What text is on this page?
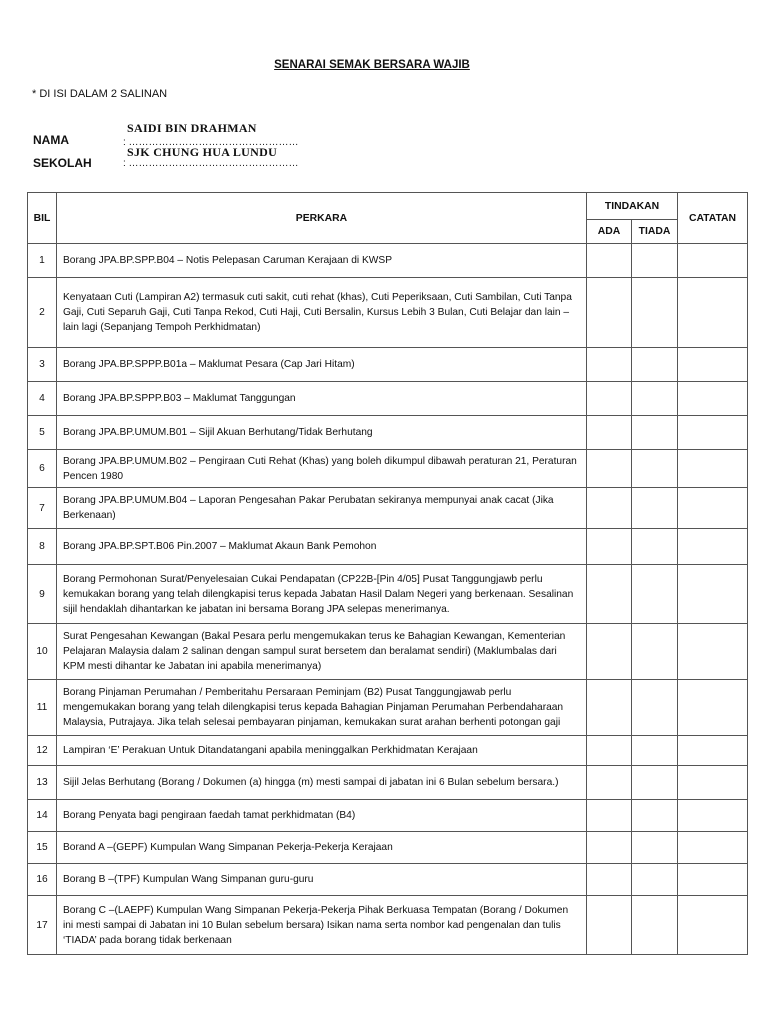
SENARAI SEMAK BERSARA WAJIB
* DI ISI DALAM 2 SALINAN
SAIDI BIN DRAHMAN
NAMA	: ……………………………………………
SJK CHUNG HUA LUNDU
SEKOLAH	: ……………………………………………
BIL	PERKARA	TINDAKAN		CATATAN
		ADA	TIADA	
1	Borang JPA.BP.SPP.B04 – Notis Pelepasan Caruman Kerajaan di KWSP			
2	Kenyataan Cuti (Lampiran A2) termasuk cuti sakit, cuti rehat (khas), Cuti Peperiksaan, Cuti Sambilan, Cuti Tanpa Gaji, Cuti Separuh Gaji, Cuti Tanpa Rekod, Cuti Haji, Cuti Bersalin, Kursus Lebih 3 Bulan, Cuti Belajar dan lain – lain lagi (Sepanjang Tempoh Perkhidmatan)			
3	Borang JPA.BP.SPPP.B01a – Maklumat Pesara (Cap Jari Hitam)			
4	Borang JPA.BP.SPPP.B03 – Maklumat Tanggungan			
5	Borang JPA.BP.UMUM.B01 – Sijil Akuan Berhutang/Tidak Berhutang			
6	Borang JPA.BP.UMUM.B02 – Pengiraan Cuti Rehat (Khas) yang boleh dikumpul dibawah peraturan 21, Peraturan Pencen 1980			
7	Borang JPA.BP.UMUM.B04 – Laporan Pengesahan Pakar Perubatan sekiranya mempunyai anak cacat (Jika Berkenaan)			
8	Borang JPA.BP.SPT.B06 Pin.2007 – Maklumat Akaun Bank Pemohon			
9	Borang Permohonan Surat/Penyelesaian Cukai Pendapatan (CP22B-[Pin 4/05] Pusat Tanggungjawb perlu kemukakan borang yang telah dilengkapisi terus kepada Jabatan Hasil Dalam Negeri yang berkenaan. Sesalinan sijil hendaklah dihantarkan ke jabatan ini bersama Borang JPA selepas menerimanya.			
10	Surat Pengesahan Kewangan (Bakal Pesara perlu mengemukakan terus ke Bahagian Kewangan, Kementerian Pelajaran Malaysia dalam 2 salinan dengan sampul surat bersetem dan beralamat sendiri) (Maklumbalas dari KPM mesti dihantar ke Jabatan ini apabila menerimanya)			
11	Borang Pinjaman Perumahan / Pemberitahu Persaraan Peminjam (B2) Pusat Tanggungjawab perlu mengemukakan borang yang telah dilengkapisi terus kepada Bahagian Pinjaman Perumahan Perbendaharaan Malaysia, Putrajaya. Jika telah selesai pembayaran pinjaman, kemukakan surat arahan berhenti potongan gaji			
12	Lampiran ‘E’ Perakuan Untuk Ditandatangani apabila meninggalkan Perkhidmatan Kerajaan			
13	Sijil Jelas Berhutang (Borang / Dokumen (a) hingga (m) mesti sampai di jabatan ini 6 Bulan sebelum bersara.)			
14	Borang Penyata bagi pengiraan faedah tamat perkhidmatan (B4)			
15	Borand A –(GEPF) Kumpulan Wang Simpanan Pekerja-Pekerja Kerajaan			
16	Borang B –(TPF) Kumpulan Wang Simpanan guru-guru			
17	Borang C –(LAEPF) Kumpulan Wang Simpanan Pekerja-Pekerja Pihak Berkuasa Tempatan (Borang / Dokumen ini mesti sampai di Jabatan ini 10 Bulan sebelum bersara) Isikan nama serta nombor kad pengenalan dan tulis ‘TIADA’ pada borang tidak berkenaan			
